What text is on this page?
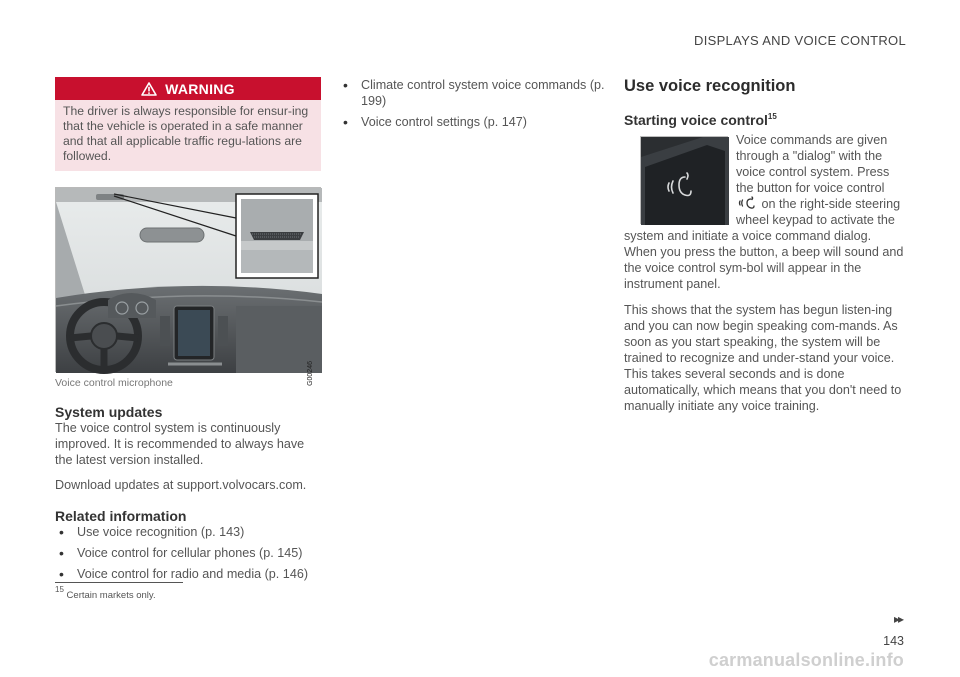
DISPLAYS AND VOICE CONTROL
WARNING
The driver is always responsible for ensur-ing that the vehicle is operated in a safe manner and that all applicable traffic regu-lations are followed.
G00246
Voice control microphone
System updates

The voice control system is continuously improved. It is recommended to always have the latest version installed.

Download updates at support.volvocars.com.

Related information
• Use voice recognition (p. 143)
• Voice control for cellular phones (p. 145)
• Voice control for radio and media (p. 146)
• Climate control system voice commands (p. 199)
• Voice control settings (p. 147)
Use voice recognition
Starting voice control$^{15}$
Voice commands are given through a "dialog" with the voice control system. Press the button for voice control  on the right-side steering wheel keypad to activate the system and initiate a voice command dialog. When you press the button, a beep will sound and the voice control sym-bol will appear in the instrument panel.

This shows that the system has begun listen-ing and you can now begin speaking com-mands. As soon as you start speaking, the system will be trained to recognize and under-stand your voice. This takes several seconds and is done automatically, which means that you don't need to manually initiate any voice training.

$^{15}$ Certain markets only.
▸▸
143
carmanualsonline.info
